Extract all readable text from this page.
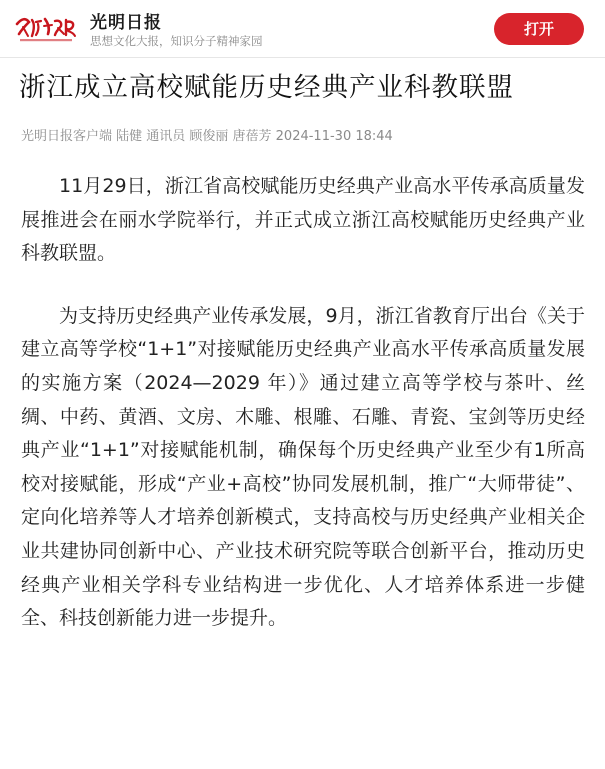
光明日报
思想文化大报，知识分子精神家园
打开
浙江成立高校赋能历史经典产业科教联盟
光明日报客户端 陆健 通讯员 顾俊丽 唐蓓芳 2024-11-30 18:44

11月29日，浙江省高校赋能历史经典产业高水平传承高质量发展推进会在丽水学院举行，并正式成立浙江高校赋能历史经典产业科教联盟。

为支持历史经典产业传承发展，9月，浙江省教育厅出台《关于建立高等学校“1+1”对接赋能历史经典产业高水平传承高质量发展的实施方案（2024—2029 年）》通过建立高等学校与茶叶、丝绸、中药、黄酒、文房、木雕、根雕、石雕、青瓷、宝剑等历史经典产业“1+1”对接赋能机制，确保每个历史经典产业至少有1所高校对接赋能，形成“产业+高校”协同发展机制，推广“大师带徒”、定向化培养等人才培养创新模式，支持高校与历史经典产业相关企业共建协同创新中心、产业技术研究院等联合创新平台，推动历史经典产业相关学科专业结构进一步优化、人才培养体系进一步健全、科技创新能力进一步提升。
